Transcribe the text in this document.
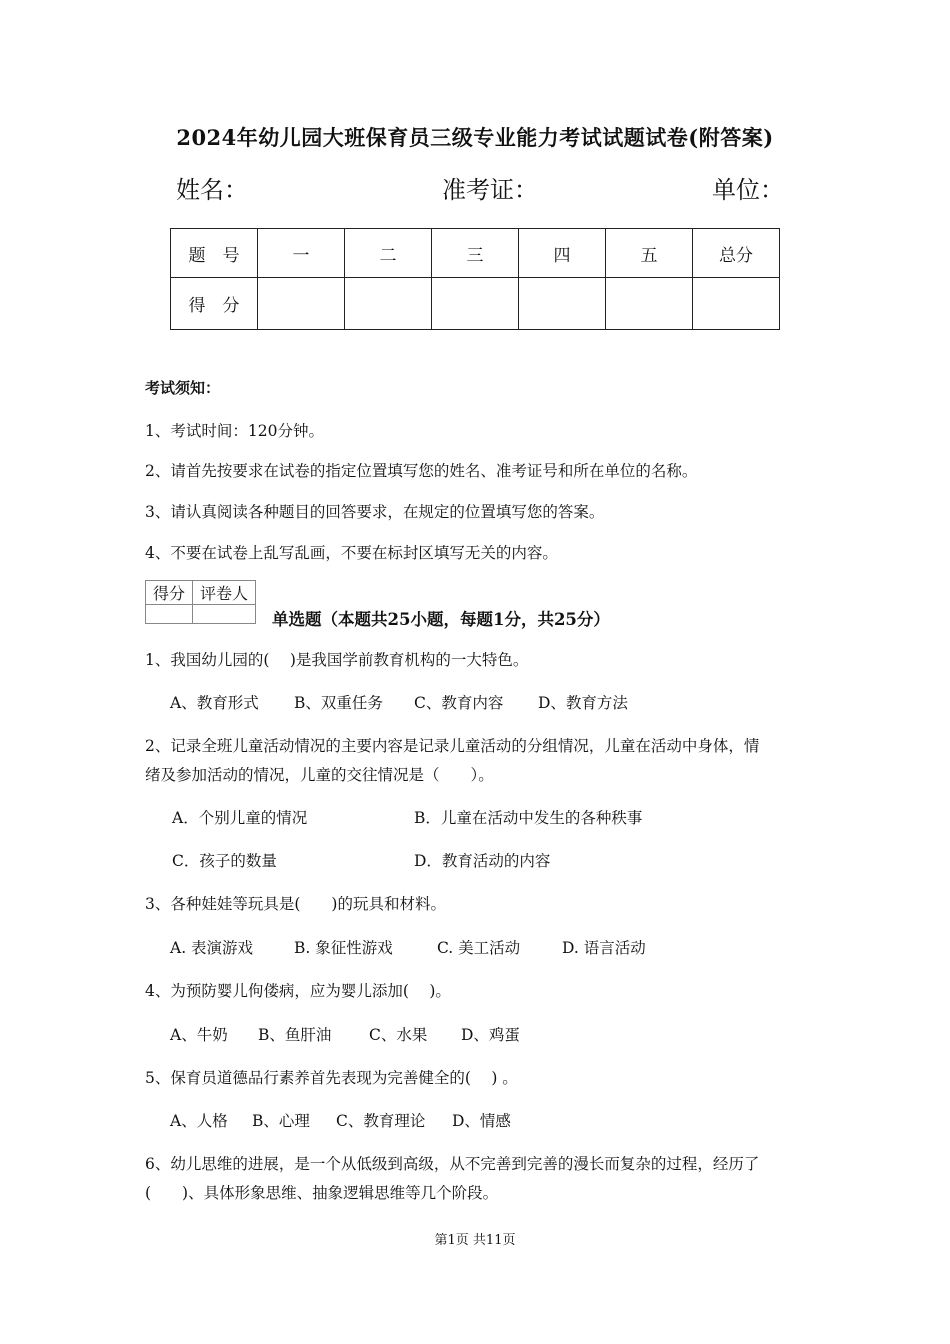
2024年幼儿园大班保育员三级专业能力考试试题试卷(附答案)
姓名：	准考证：	单位：
题　号	一	二	三	四	五	总分
得　分						
考试须知：
1、考试时间：120分钟。
2、请首先按要求在试卷的指定位置填写您的姓名、准考证号和所在单位的名称。
3、请认真阅读各种题目的回答要求，在规定的位置填写您的答案。
4、不要在试卷上乱写乱画，不要在标封区填写无关的内容。
得分	评卷人

单选题（本题共25小题，每题1分，共25分）
1、我国幼儿园的(　 )是我国学前教育机构的一大特色。
A、教育形式 B、双重任务 C、教育内容 D、教育方法
2、记录全班儿童活动情况的主要内容是记录儿童活动的分组情况，儿童在活动中身体，情
绪及参加活动的情况，儿童的交往情况是（　　）。
A．个别儿童的情况	B．儿童在活动中发生的各种秩事
C．孩子的数量	D．教育活动的内容
3、各种娃娃等玩具是(　　)的玩具和材料。
A. 表演游戏	B. 象征性游戏	C. 美工活动	D. 语言活动
4、为预防婴儿佝偻病，应为婴儿添加(　 )。
A、牛奶 B、鱼肝油 C、水果 D、鸡蛋
5、保育员道德品行素养首先表现为完善健全的(　 ) 。
A、人格 B、心理 C、教育理论 D、情感
6、幼儿思维的进展，是一个从低级到高级，从不完善到完善的漫长而复杂的过程，经历了
(　　)、具体形象思维、抽象逻辑思维等几个阶段。
第1页 共11页
